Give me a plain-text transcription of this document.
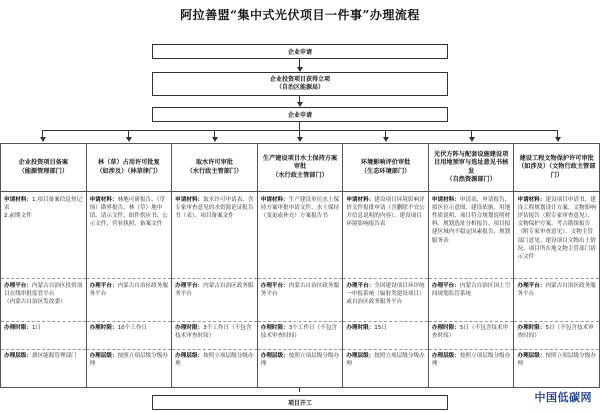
阿拉善盟“集中式光伏项目一件事”办理流程
企业申请
企业投资项目获得立项
（自治区能源局）
企业申请
企业投资项目备案
（能源管理部门）
申请材料：1.项目备案信息登记表
2.前期文件
办理平台：内蒙古自治区投资项目在线审批监管平台
（内蒙古自治区发改委）
办理时限：1日
办理层级：旗区能源管理部门
林（草）占用许可批复
（如涉及）（林草律门）
申请材料：林地可研报告、（草场）勘界报告、林（草）地申请、请示文件、组件供应书、公示文件、营业执照、备案文件
办理平台：内蒙古自治区政务服务平台
办理时限：10个工作日
办理层级：按照立项层级分级办理
取水许可审批
（水行政主管部门）
申请材料：取水许可申请表、含专家审查意见的水资源论证报告书（表）、项目备案文件
办理平台：内蒙古自治区政务服务平台
办理时限：3个工作日（不包含技术审查时间）
办理层级：按照立项层级分级办理
生产建设项目水土保持方案审批
（水行政主管部门）
申请材料：生产建设单位水土保持方案审批申请文件、水土保持（变更或补充）方案报告书
办理平台：内蒙古自治区政务服务平台
办理时限：3个工作日（不包含技术审查时间）
办理层级：按照立项层级分级办理
环境影响评价审批
（生态环境部门）
申请材料：建设项目环境影响评价文件报批申请（含删除不宜公开信息说明的内容）、建设项目环境影响报告表
办理平台：全国建设项目环评统一申报系统（辐射类建设项目）或自治区政务服务平台
办理时限：15日
办理层级：按照立项层级分级办理
光伏方阵与配套设施建设项目用地预审与选址意见书核发
（自然资源部门）
申请材料：申请表、申请报告、拟区位示意图、建设依据、用地性质说明、项目符合规划说明材料、规划选址分析报告、项目拟建区域内不稳定因素报告、规划服务表
办理平台：内蒙古自治区国土空间规划监管系统
办理时限：5日（不包含技术审查时间）
办理层级：按照立项层级分级办理
建设工程文物保护许可审批（如涉及）（文物行政主管部门）
申请材料：建设项目申请书、建设工程规划设计方案、文物影响评估报告（附专家审查意见）、文物保护方案、考古勘探报告（附专家审查意见）、文物主管部门意见、建设项目文物出土情况、项目所在地文物主管部门请示文件
办理平台：内蒙古自治区政务服务平台
办理时限：5日（不包含技术审查时间）
办理层级：按照立项层级分级办理
项目开工	中国低碳网
